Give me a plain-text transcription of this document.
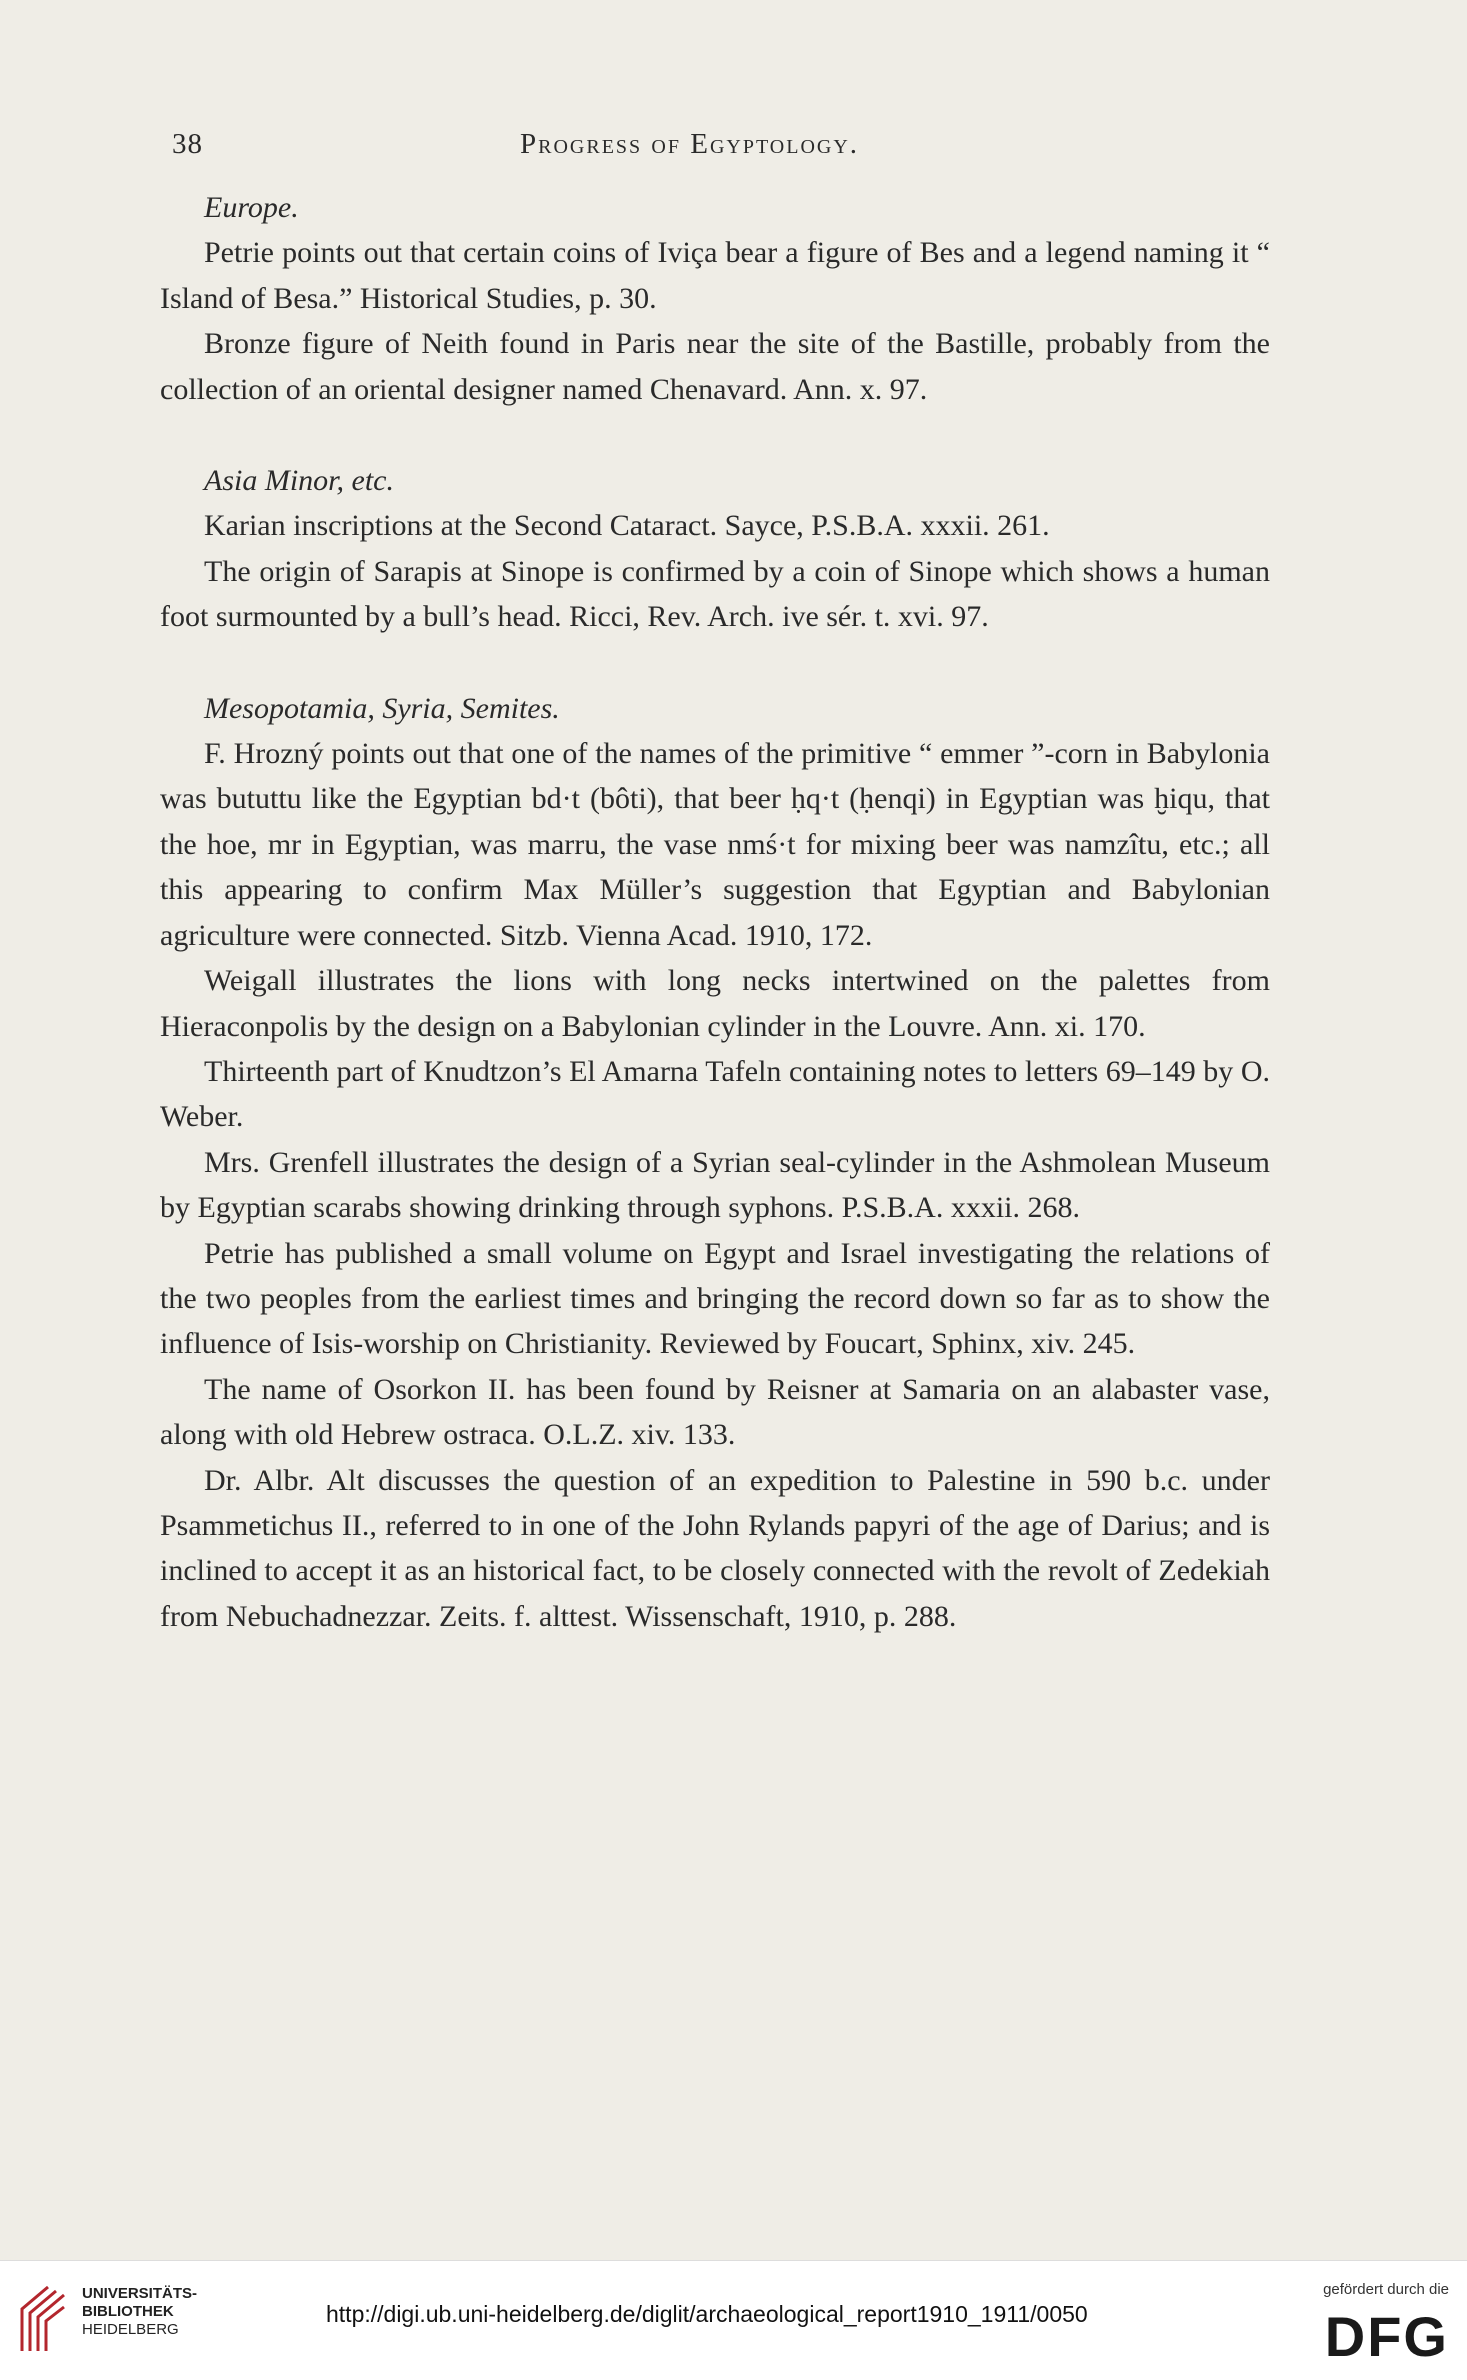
38	Progress of Egyptology.
Europe.

Petrie points out that certain coins of Iviça bear a figure of Bes and a legend naming it “ Island of Besa.” Historical Studies, p. 30.

Bronze figure of Neith found in Paris near the site of the Bastille, probably from the collection of an oriental designer named Chenavard. Ann. x. 97.

Asia Minor, etc.

Karian inscriptions at the Second Cataract. Sayce, P.S.B.A. xxxii. 261.

The origin of Sarapis at Sinope is confirmed by a coin of Sinope which shows a human foot surmounted by a bull’s head. Ricci, Rev. Arch. ive sér. t. xvi. 97.

Mesopotamia, Syria, Semites.

F. Hrozný points out that one of the names of the primitive “ emmer ”-corn in Babylonia was bututtu like the Egyptian bd·t (bôti), that beer ḥq·t (ḥenqi) in Egyptian was ḫiqu, that the hoe, mr in Egyptian, was marru, the vase nmś·t for mixing beer was namzîtu, etc.; all this appearing to confirm Max Müller’s suggestion that Egyptian and Babylonian agriculture were connected. Sitzb. Vienna Acad. 1910, 172.

Weigall illustrates the lions with long necks intertwined on the palettes from Hieraconpolis by the design on a Babylonian cylinder in the Louvre. Ann. xi. 170.

Thirteenth part of Knudtzon’s El Amarna Tafeln containing notes to letters 69–149 by O. Weber.

Mrs. Grenfell illustrates the design of a Syrian seal-cylinder in the Ashmolean Museum by Egyptian scarabs showing drinking through syphons. P.S.B.A. xxxii. 268.

Petrie has published a small volume on Egypt and Israel investigating the relations of the two peoples from the earliest times and bringing the record down so far as to show the influence of Isis-worship on Christianity. Reviewed by Foucart, Sphinx, xiv. 245.

The name of Osorkon II. has been found by Reisner at Samaria on an alabaster vase, along with old Hebrew ostraca. O.L.Z. xiv. 133.

Dr. Albr. Alt discusses the question of an expedition to Palestine in 590 b.c. under Psammetichus II., referred to in one of the John Rylands papyri of the age of Darius; and is inclined to accept it as an historical fact, to be closely connected with the revolt of Zedekiah from Nebuchadnezzar. Zeits. f. alttest. Wissenschaft, 1910, p. 288.

UNIVERSITÄTS-
BIBLIOTHEK
HEIDELBERG
http://digi.ub.uni-heidelberg.de/diglit/archaeological_report1910_1911/0050
gefördert durch die
DFG
